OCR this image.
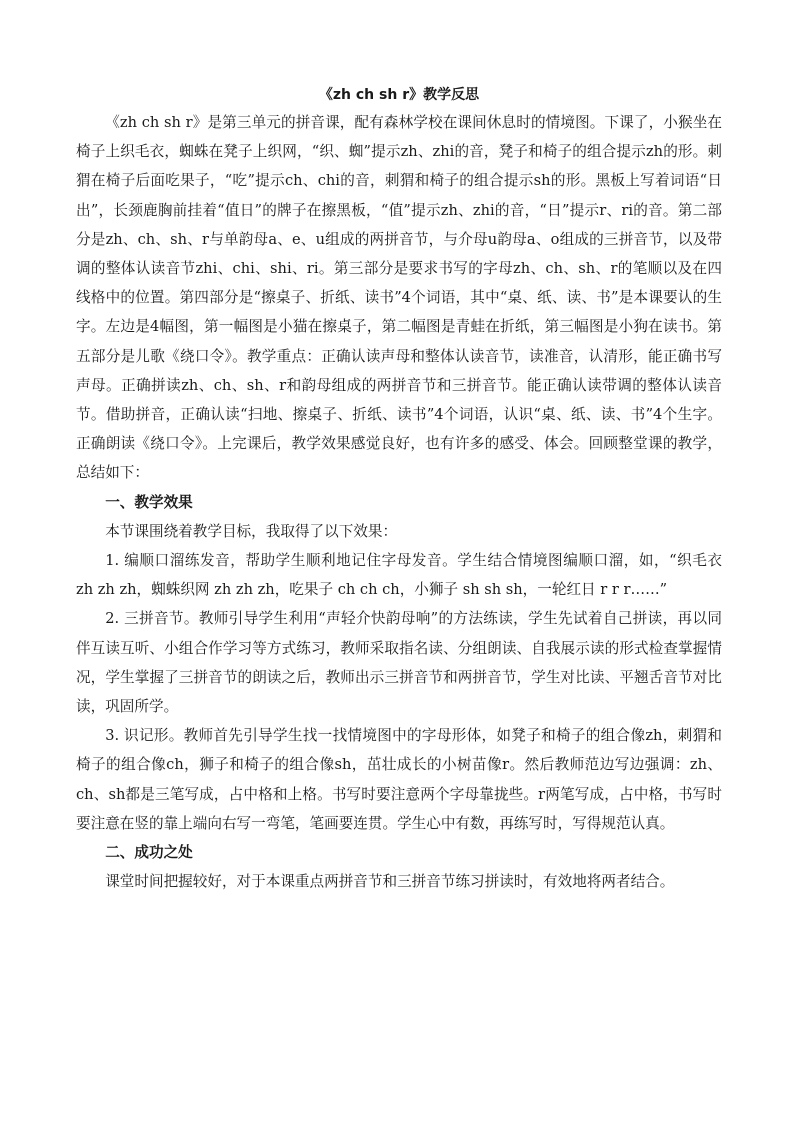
《zh ch sh r》教学反思

《zh ch sh r》是第三单元的拼音课，配有森林学校在课间休息时的情境图。下课了，小猴坐在椅子上织毛衣，蜘蛛在凳子上织网，“织、蜘”提示zh、zhi的音，凳子和椅子的组合提示zh的形。刺猬在椅子后面吃果子，“吃”提示ch、chi的音，刺猬和椅子的组合提示sh的形。黑板上写着词语“日出”，长颈鹿胸前挂着“值日”的牌子在擦黑板，“值”提示zh、zhi的音，“日”提示r、ri的音。第二部分是zh、ch、sh、r与单韵母a、e、u组成的两拼音节，与介母u韵母a、o组成的三拼音节，以及带调的整体认读音节zhi、chi、shi、ri。第三部分是要求书写的字母zh、ch、sh、r的笔顺以及在四线格中的位置。第四部分是“擦桌子、折纸、读书”4个词语，其中“桌、纸、读、书”是本课要认的生字。左边是4幅图，第一幅图是小猫在擦桌子，第二幅图是青蛙在折纸，第三幅图是小狗在读书。第五部分是儿歌《绕口令》。教学重点：正确认读声母和整体认读音节，读准音，认清形，能正确书写声母。正确拼读zh、ch、sh、r和韵母组成的两拼音节和三拼音节。能正确认读带调的整体认读音节。借助拼音，正确认读“扫地、擦桌子、折纸、读书”4个词语，认识“桌、纸、读、书”4个生字。正确朗读《绕口令》。上完课后，教学效果感觉良好，也有许多的感受、体会。回顾整堂课的教学，总结如下：

一、教学效果

本节课围绕着教学目标，我取得了以下效果：

1. 编顺口溜练发音，帮助学生顺利地记住字母发音。学生结合情境图编顺口溜，如，“织毛衣 zh zh zh，蜘蛛织网 zh zh zh，吃果子 ch ch ch，小狮子 sh sh sh，一轮红日 r r r……”

2. 三拼音节。教师引导学生利用“声轻介快韵母响”的方法练读，学生先试着自己拼读，再以同伴互读互听、小组合作学习等方式练习，教师采取指名读、分组朗读、自我展示读的形式检查掌握情况，学生掌握了三拼音节的朗读之后，教师出示三拼音节和两拼音节，学生对比读、平翘舌音节对比读，巩固所学。

3. 识记形。教师首先引导学生找一找情境图中的字母形体，如凳子和椅子的组合像zh，刺猬和椅子的组合像ch，狮子和椅子的组合像sh，茁壮成长的小树苗像r。然后教师范边写边强调：zh、ch、sh都是三笔写成，占中格和上格。书写时要注意两个字母靠拢些。r两笔写成，占中格，书写时要注意在竖的靠上端向右写一弯笔，笔画要连贯。学生心中有数，再练写时，写得规范认真。

二、成功之处

课堂时间把握较好，对于本课重点两拼音节和三拼音节练习拼读时，有效地将两者结合。
